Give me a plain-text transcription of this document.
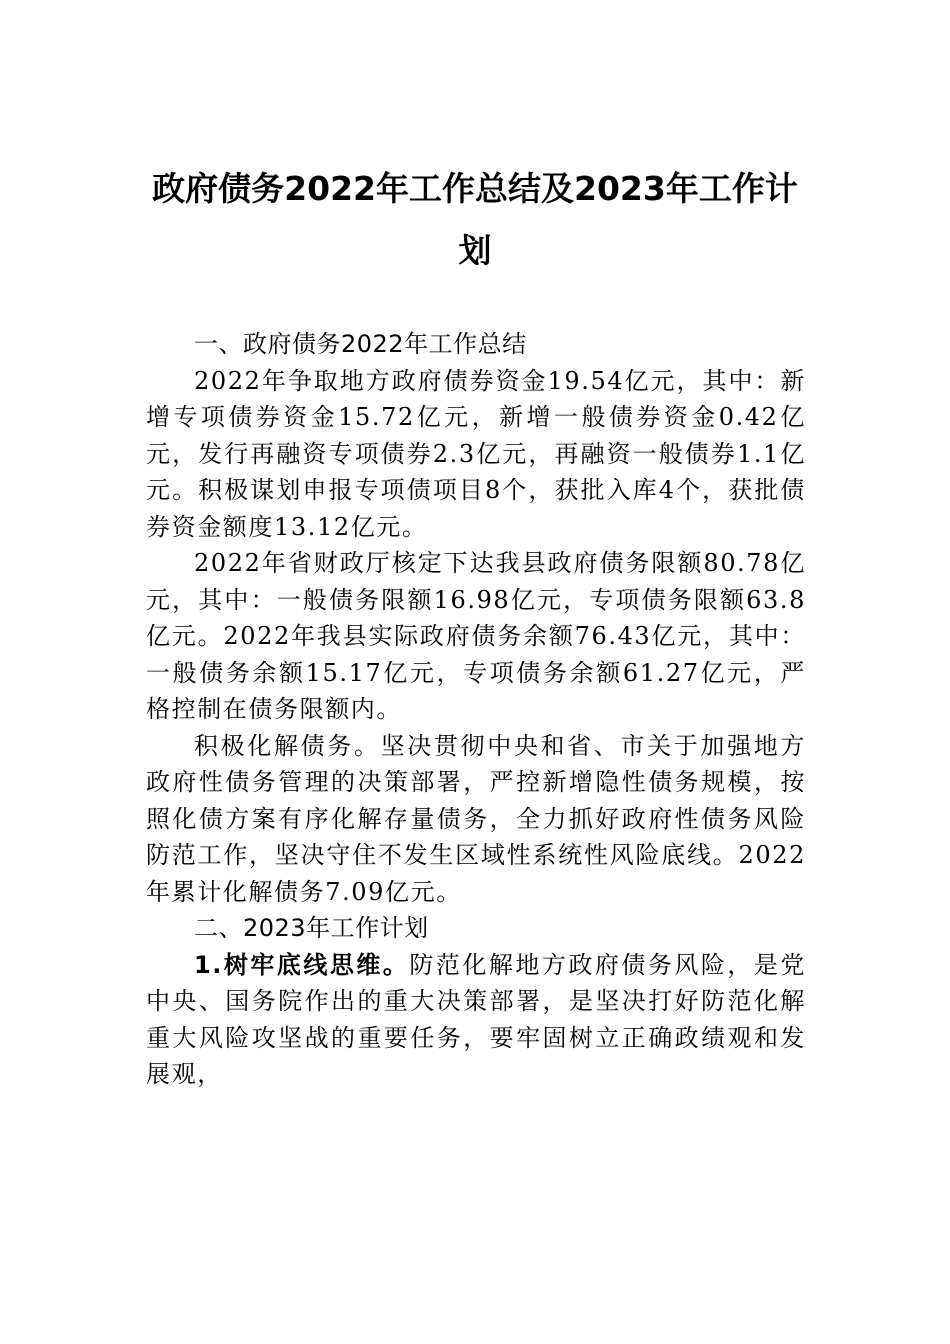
政府债务2022年工作总结及2023年工作计划

一、政府债务2022年工作总结

2022年争取地方政府债券资金19.54亿元，其中：新增专项债券资金15.72亿元，新增一般债券资金0.42亿元，发行再融资专项债券2.3亿元，再融资一般债券1.1亿元。积极谋划申报专项债项目8个，获批入库4个，获批债券资金额度13.12亿元。

2022年省财政厅核定下达我县政府债务限额80.78亿元，其中：一般债务限额16.98亿元，专项债务限额63.8亿元。2022年我县实际政府债务余额76.43亿元，其中：一般债务余额15.17亿元，专项债务余额61.27亿元，严格控制在债务限额内。

积极化解债务。坚决贯彻中央和省、市关于加强地方政府性债务管理的决策部署，严控新增隐性债务规模，按照化债方案有序化解存量债务，全力抓好政府性债务风险防范工作，坚决守住不发生区域性系统性风险底线。2022年累计化解债务7.09亿元。

二、2023年工作计划

1.树牢底线思维。防范化解地方政府债务风险，是党中央、国务院作出的重大决策部署，是坚决打好防范化解重大风险攻坚战的重要任务，要牢固树立正确政绩观和发展观，
